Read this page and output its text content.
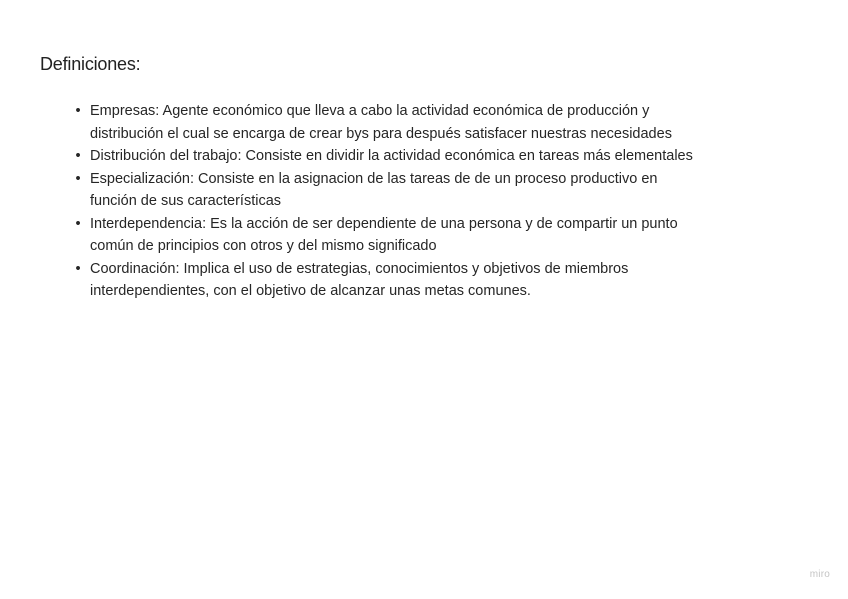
Definiciones:
• Empresas: Agente económico que lleva a cabo la actividad económica de producción y distribución el cual se encarga de crear bys para después satisfacer nuestras necesidades
• Distribución del trabajo: Consiste en dividir la actividad económica en tareas más elementales
• Especialización: Consiste en la asignacion de las tareas de de un proceso productivo en función de sus características
• Interdependencia: Es la acción de ser dependiente de una persona y de compartir un punto común de principios con otros y del mismo significado
• Coordinación: Implica el uso de estrategias, conocimientos y objetivos de miembros interdependientes, con el objetivo de alcanzar unas metas comunes.
miro
